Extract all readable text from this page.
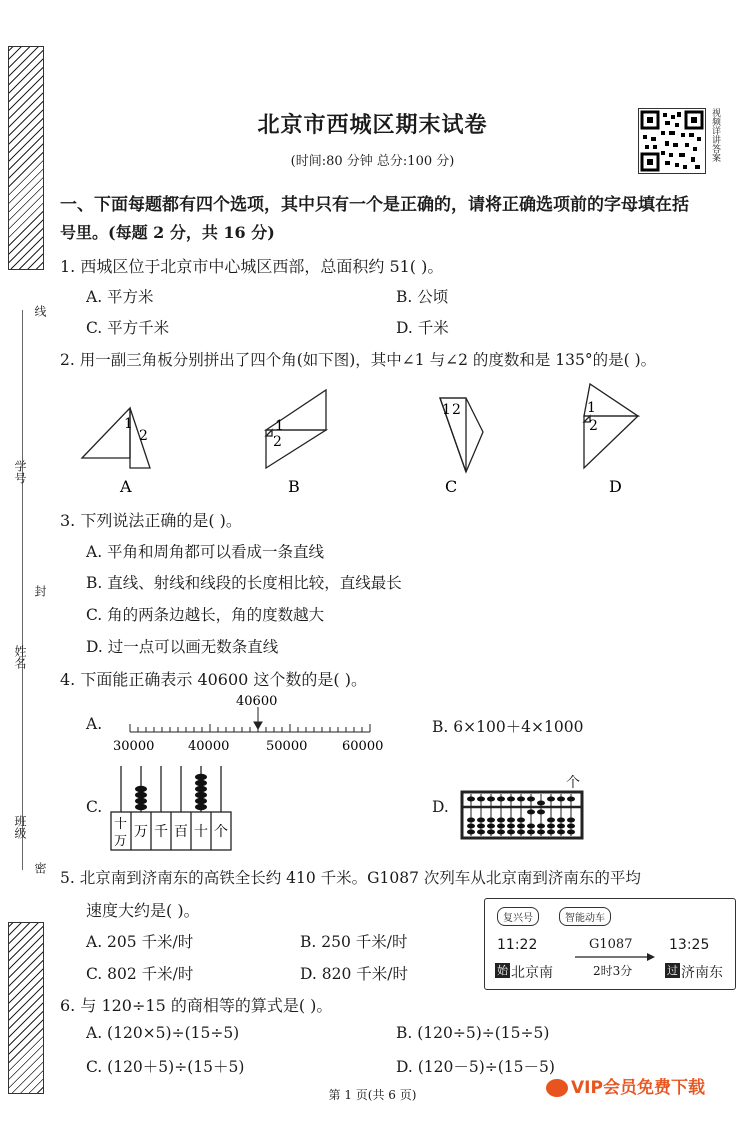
线
学号
封
姓名
班级
密
北京市西城区期末试卷
(时间:80 分钟 总分:100 分)	视频详讲答案
一、下面每题都有四个选项，其中只有一个是正确的，请将正确选项前的字母填在括
号里。(每题 2 分，共 16 分)
1. 西城区位于北京市中心城区西部，总面积约 51( )。
A. 平方米	B. 公顷
C. 平方千米	D. 千米
2. 用一副三角板分别拼出了四个角(如下图)，其中∠1 与∠2 的度数和是 135°的是( )。
1
2
1
2
1 2	1
2
A	B	C	D
3. 下列说法正确的是( )。
A. 平角和周角都可以看成一条直线
B. 直线、射线和线段的长度相比较，直线最长
C. 角的两条边越长，角的度数越大
D. 过一点可以画无数条直线
4. 下面能正确表示 40600 这个数的是( )。
A.
40600
30000	40000	50000	60000
B. 6×100＋4×1000
C.
十
万
万 千 百 十 个
D.
个
5. 北京南到济南东的高铁全长约 410 千米。G1087 次列车从北京南到济南东的平均
速度大约是( )。
A. 205 千米/时	B. 250 千米/时
C. 802 千米/时	D. 820 千米/时
复兴号	智能动车
11:22	G1087	13:25
始 北京南	2时3分	过 济南东
6. 与 120÷15 的商相等的算式是( )。
A. (120×5)÷(15÷5)	B. (120÷5)÷(15÷5)
C. (120＋5)÷(15＋5)	D. (120－5)÷(15－5)
第 1 页(共 6 页)	VIP会员免费下载
